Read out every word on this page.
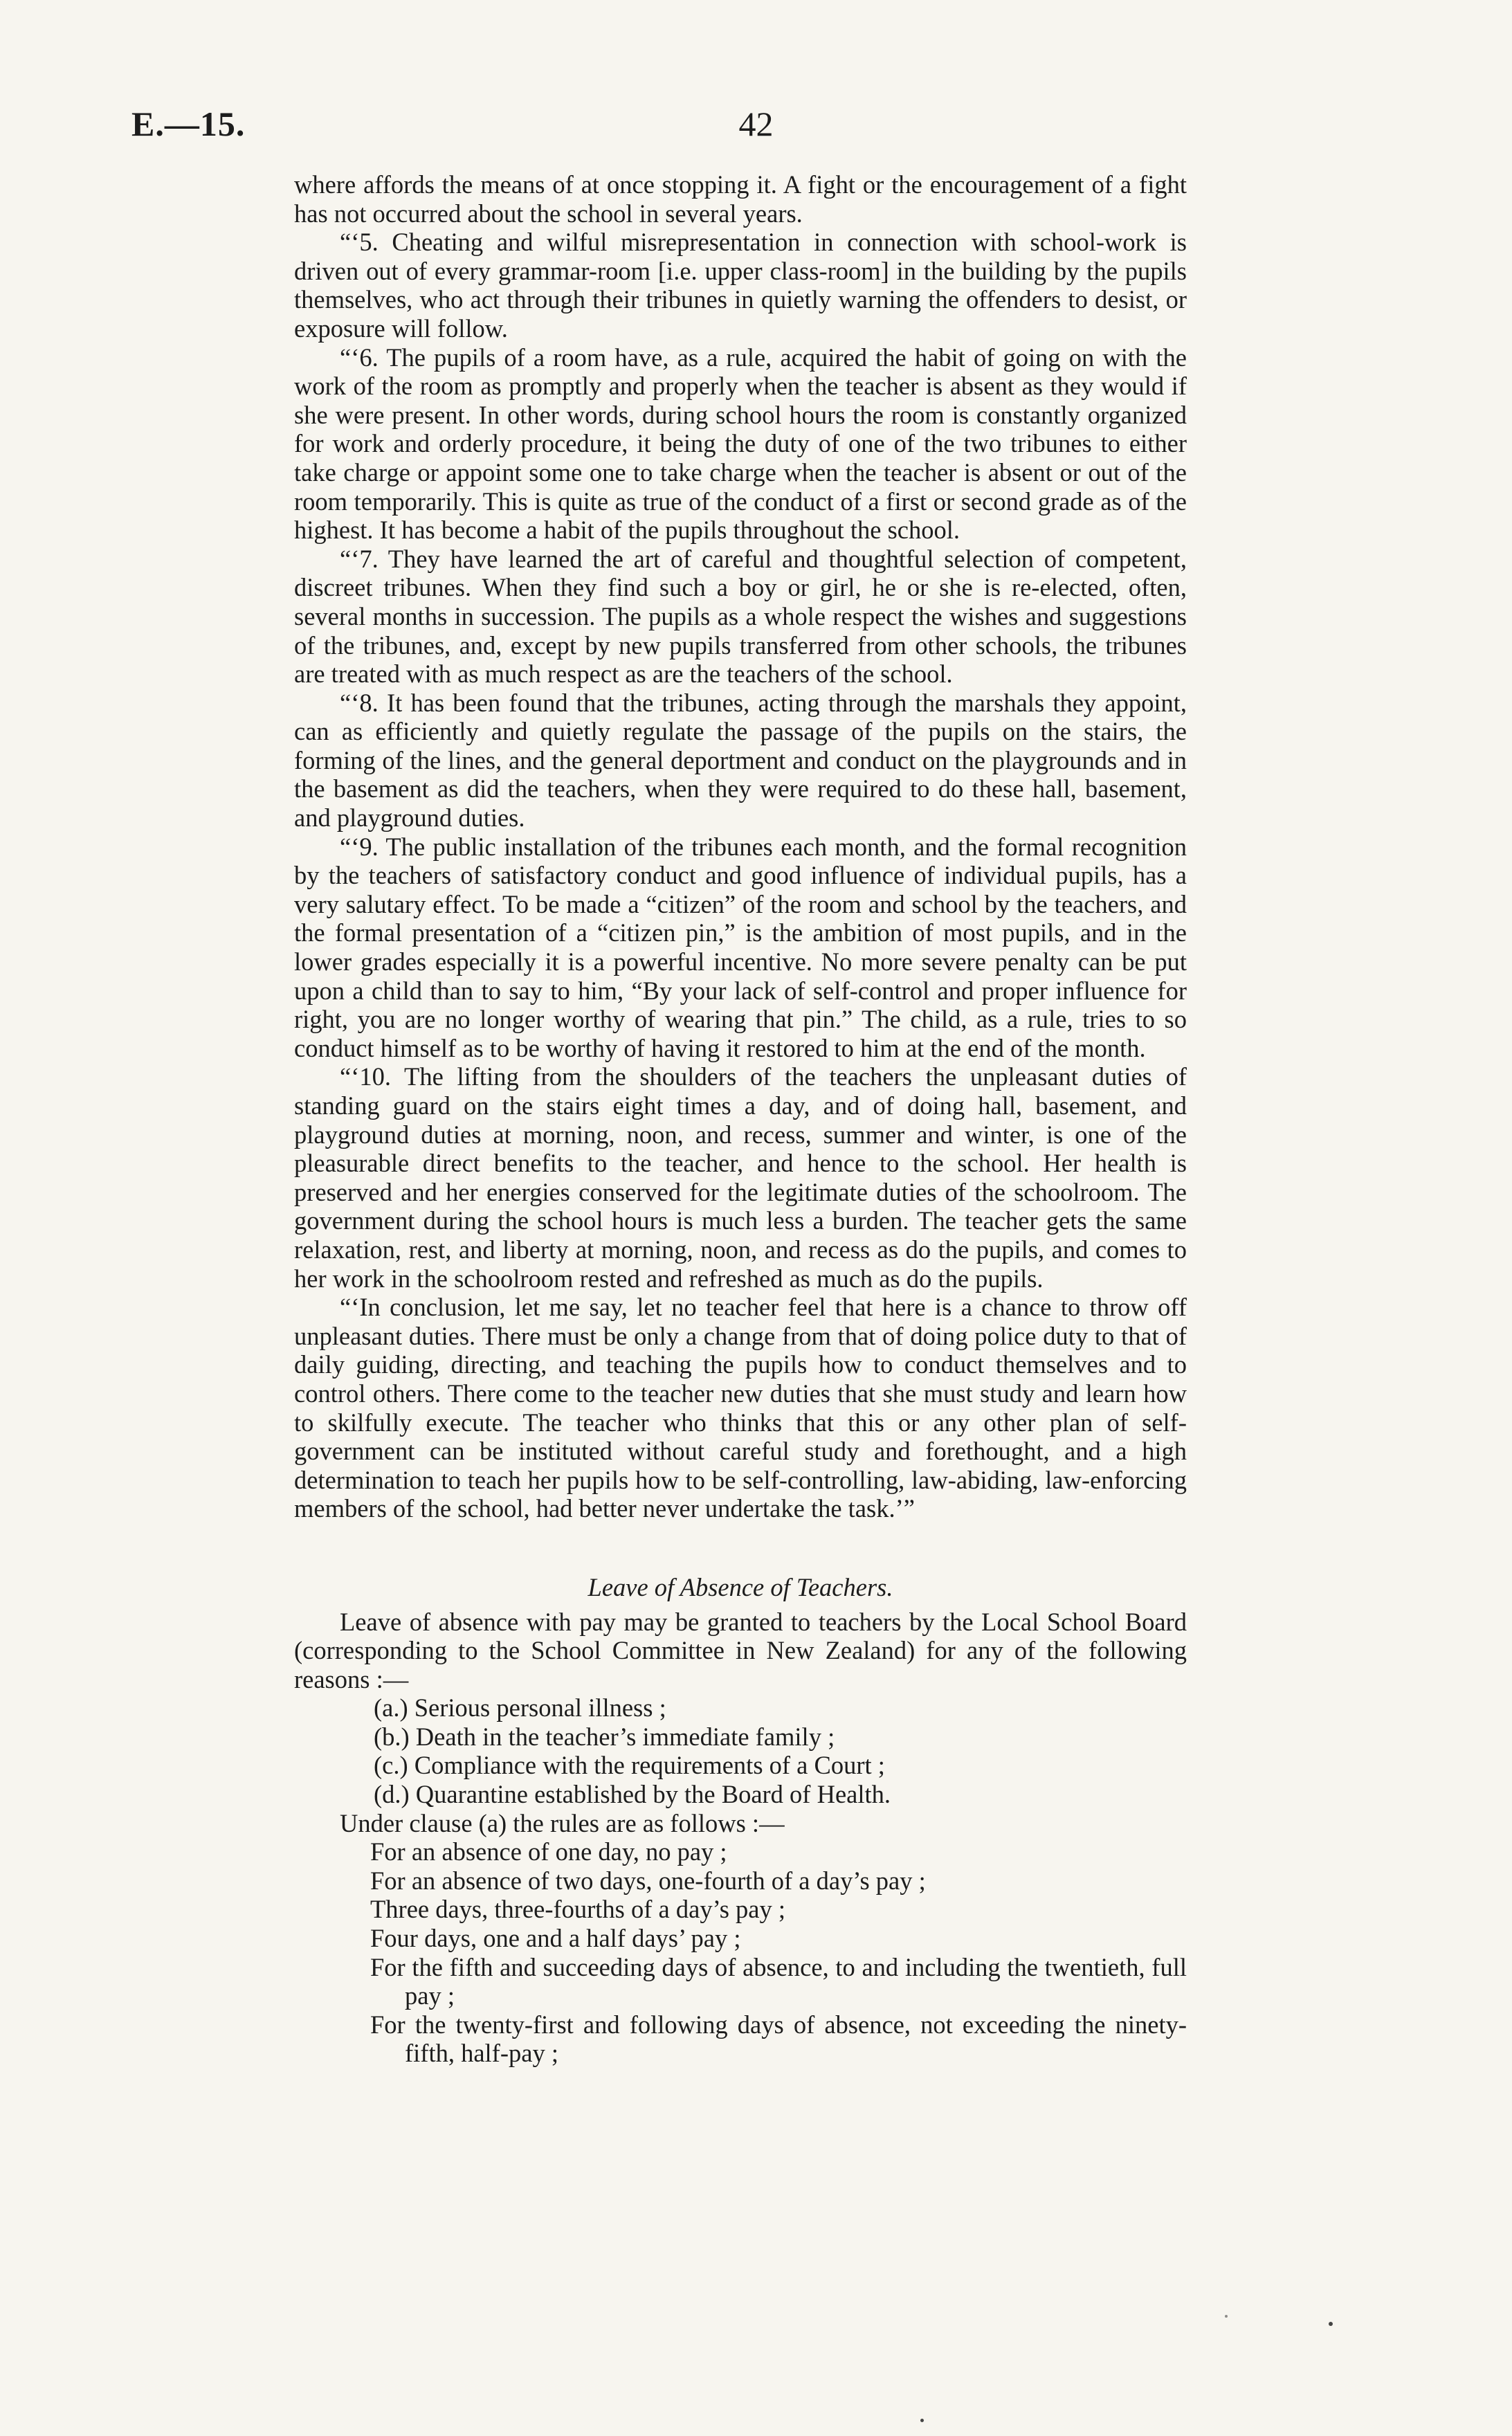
E.—15.	42

where affords the means of at once stopping it. A fight or the encouragement of a fight has not occurred about the school in several years.

“‘5. Cheating and wilful misrepresentation in connection with school-work is driven out of every grammar-room [i.e. upper class-room] in the building by the pupils themselves, who act through their tribunes in quietly warning the offenders to desist, or exposure will follow.

“‘6. The pupils of a room have, as a rule, acquired the habit of going on with the work of the room as promptly and properly when the teacher is absent as they would if she were present. In other words, during school hours the room is constantly organized for work and orderly procedure, it being the duty of one of the two tribunes to either take charge or appoint some one to take charge when the teacher is absent or out of the room temporarily. This is quite as true of the conduct of a first or second grade as of the highest. It has become a habit of the pupils throughout the school.

“‘7. They have learned the art of careful and thoughtful selection of competent, discreet tribunes. When they find such a boy or girl, he or she is re-elected, often, several months in succession. The pupils as a whole respect the wishes and suggestions of the tribunes, and, except by new pupils transferred from other schools, the tribunes are treated with as much respect as are the teachers of the school.

“‘8. It has been found that the tribunes, acting through the marshals they appoint, can as efficiently and quietly regulate the passage of the pupils on the stairs, the forming of the lines, and the general deportment and conduct on the playgrounds and in the basement as did the teachers, when they were required to do these hall, basement, and playground duties.

“‘9. The public installation of the tribunes each month, and the formal recognition by the teachers of satisfactory conduct and good influence of individual pupils, has a very salutary effect. To be made a “citizen” of the room and school by the teachers, and the formal presentation of a “citizen pin,” is the ambition of most pupils, and in the lower grades especially it is a powerful incentive. No more severe penalty can be put upon a child than to say to him, “By your lack of self-control and proper influence for right, you are no longer worthy of wearing that pin.” The child, as a rule, tries to so conduct himself as to be worthy of having it restored to him at the end of the month.

“‘10. The lifting from the shoulders of the teachers the unpleasant duties of standing guard on the stairs eight times a day, and of doing hall, basement, and playground duties at morning, noon, and recess, summer and winter, is one of the pleasurable direct benefits to the teacher, and hence to the school. Her health is preserved and her energies conserved for the legitimate duties of the schoolroom. The government during the school hours is much less a burden. The teacher gets the same relaxation, rest, and liberty at morning, noon, and recess as do the pupils, and comes to her work in the schoolroom rested and refreshed as much as do the pupils.

“‘In conclusion, let me say, let no teacher feel that here is a chance to throw off unpleasant duties. There must be only a change from that of doing police duty to that of daily guiding, directing, and teaching the pupils how to conduct themselves and to control others. There come to the teacher new duties that she must study and learn how to skilfully execute. The teacher who thinks that this or any other plan of self-government can be instituted without careful study and forethought, and a high determination to teach her pupils how to be self-controlling, law-abiding, law-enforcing members of the school, had better never undertake the task.’”

Leave of Absence of Teachers.

Leave of absence with pay may be granted to teachers by the Local School Board (corresponding to the School Committee in New Zealand) for any of the following reasons :—

(a.) Serious personal illness ;

(b.) Death in the teacher’s immediate family ;

(c.) Compliance with the requirements of a Court ;

(d.) Quarantine established by the Board of Health.

Under clause (a) the rules are as follows :—

For an absence of one day, no pay ;

For an absence of two days, one-fourth of a day’s pay ;

Three days, three-fourths of a day’s pay ;

Four days, one and a half days’ pay ;

For the fifth and succeeding days of absence, to and including the twentieth, full pay ;

For the twenty-first and following days of absence, not exceeding the ninety-fifth, half-pay ;
